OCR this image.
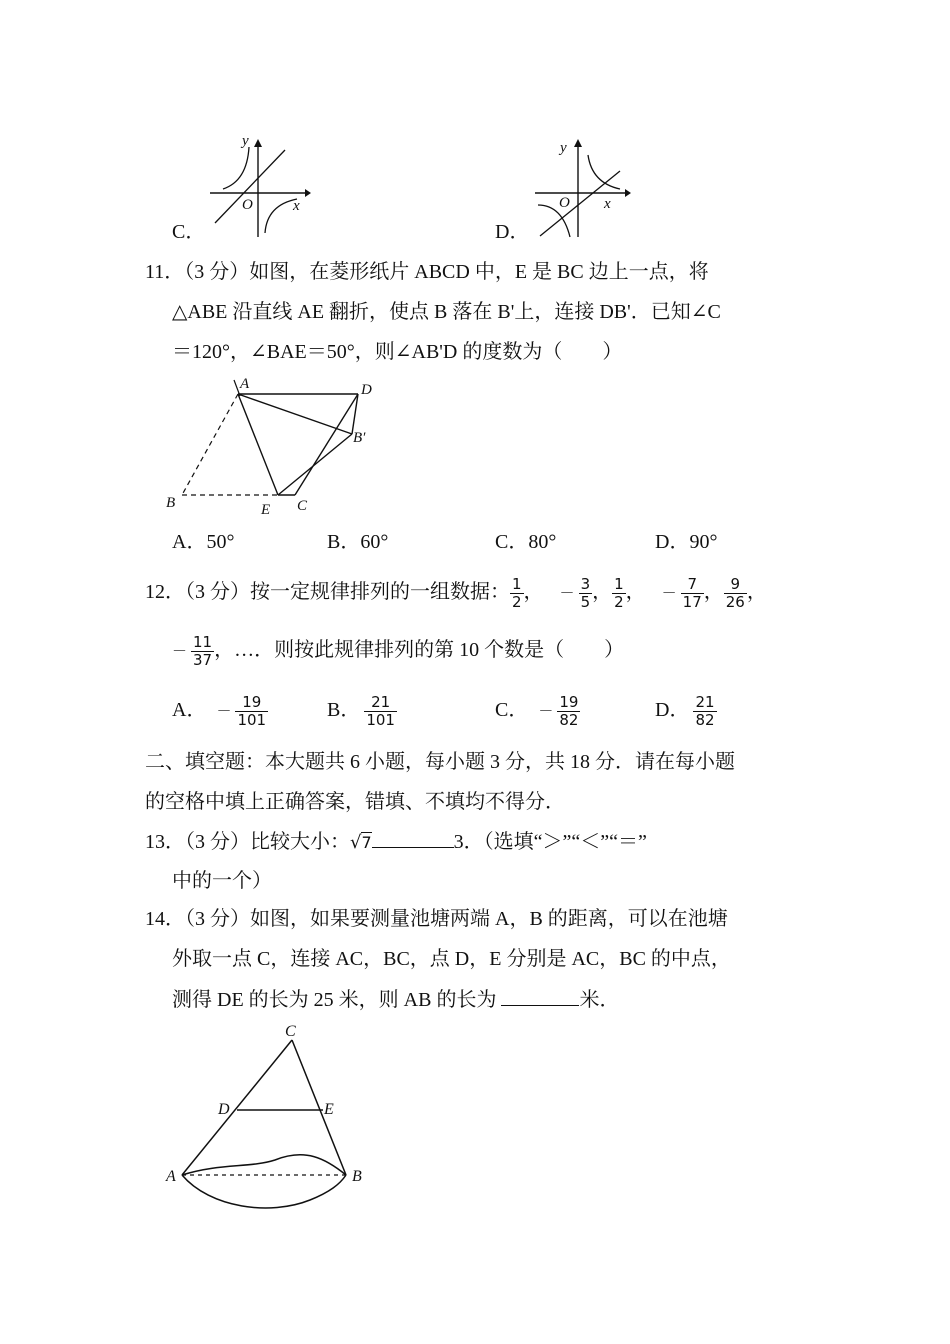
C．
x
y
O
D．
x
y
O
11．（3 分）如图，在菱形纸片 ABCD 中，E 是 BC 边上一点，将
△ABE 沿直线 AE 翻折，使点 B 落在 B'上，连接 DB'．已知∠C
＝120°，∠BAE＝50°，则∠AB'D 的度数为（　　）
A	D
B′
B	E C
A．50°	B．60°	C．80°	D．90°
12．（3 分）按一定规律排列的一组数据： $\frac{1}{2}$ ， － $\frac{3}{5}$ ， $\frac{1}{2}$ ， － $\frac{7}{17}$ ， $\frac{9}{26}$ ，
－ $\frac{11}{37}$ ，…．则按此规律排列的第 10 个数是（　　）
A． － $\frac{19}{101}$	B． $\frac{21}{101}$	C． － $\frac{19}{82}$	D． $\frac{21}{82}$
二、填空题：本大题共 6 小题，每小题 3 分，共 18 分．请在每小题
的空格中填上正确答案，错填、不填均不得分．
13．（3 分）比较大小：√7	3．（选填“＞”“＜”“＝”
中的一个）
14．（3 分）如图，如果要测量池塘两端 A，B 的距离，可以在池塘
外取一点 C，连接 AC，BC，点 D，E 分别是 AC，BC 的中点，
测得 DE 的长为 25 米，则 AB 的长为	米．
C
D	E
A	B
